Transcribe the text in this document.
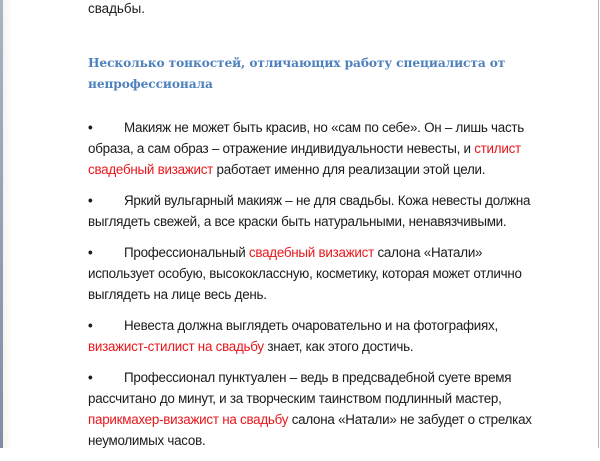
свадьбы.

Несколько тонкостей, отличающих работу специалиста от
непрофессионала

• Макияж не может быть красив, но «сам по себе». Он – лишь часть образа, а сам образ – отражение индивидуальности невесты, и стилист свадебный визажист работает именно для реализации этой цели.

• Яркий вульгарный макияж – не для свадьбы. Кожа невесты должна выглядеть свежей, а все краски быть натуральными, ненавязчивыми.

• Профессиональный свадебный визажист салона «Натали» использует особую, высококлассную, косметику, которая может отлично выглядеть на лице весь день.

• Невеста должна выглядеть очаровательно и на фотографиях, визажист-стилист на свадьбу знает, как этого достичь.

• Профессионал пунктуален – ведь в предсвадебной суете время рассчитано до минут, и за творческим таинством подлинный мастер, парикмахер-визажист на свадьбу салона «Натали» не забудет о стрелках неумолимых часов.
